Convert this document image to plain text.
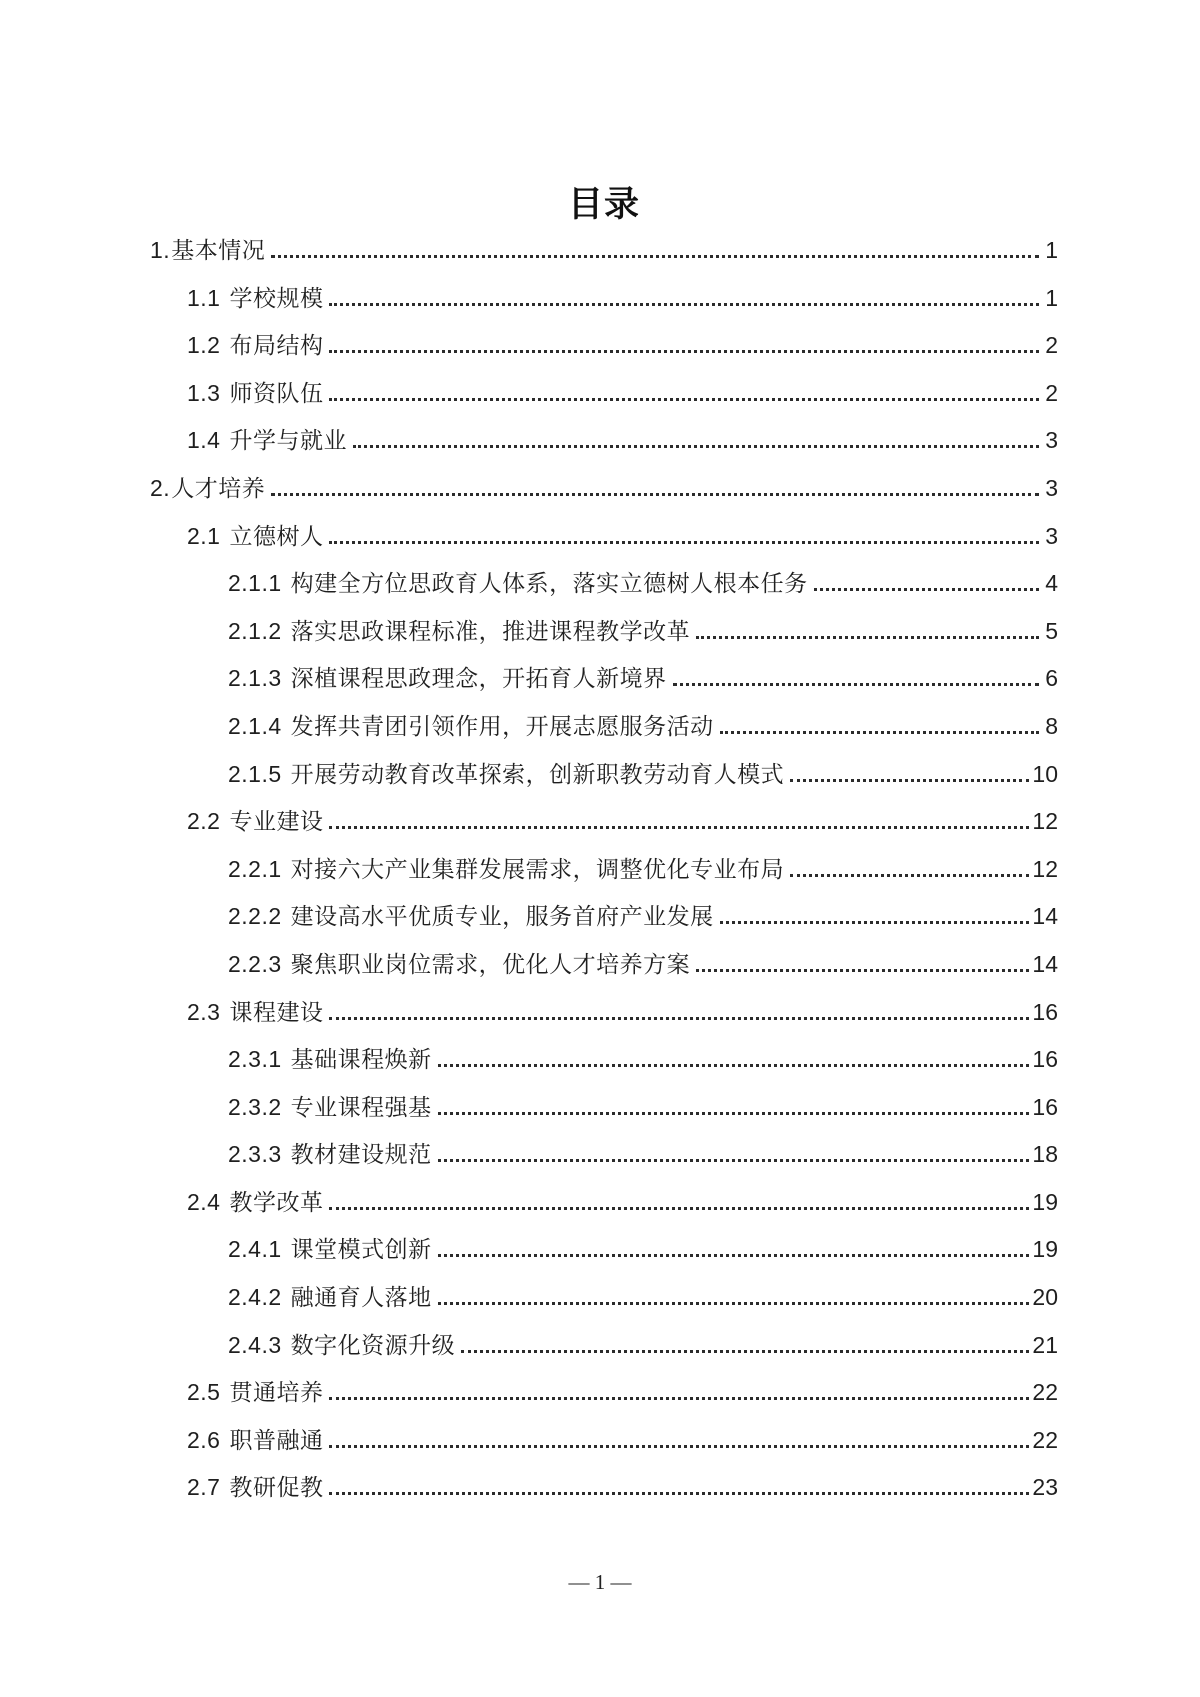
目录
1. 基本情况	1
1.1 学校规模	1
1.2 布局结构	2
1.3 师资队伍	2
1.4 升学与就业	3
2. 人才培养	3
2.1 立德树人	3
2.1.1 构建全方位思政育人体系，落实立德树人根本任务	4
2.1.2 落实思政课程标准，推进课程教学改革	5
2.1.3 深植课程思政理念，开拓育人新境界	6
2.1.4 发挥共青团引领作用，开展志愿服务活动	8
2.1.5 开展劳动教育改革探索，创新职教劳动育人模式	10
2.2 专业建设	12
2.2.1 对接六大产业集群发展需求，调整优化专业布局	12
2.2.2 建设高水平优质专业，服务首府产业发展	14
2.2.3 聚焦职业岗位需求，优化人才培养方案	14
2.3 课程建设	16
2.3.1 基础课程焕新	16
2.3.2 专业课程强基	16
2.3.3 教材建设规范	18
2.4 教学改革	19
2.4.1 课堂模式创新	19
2.4.2 融通育人落地	20
2.4.3 数字化资源升级	21
2.5 贯通培养	22
2.6 职普融通	22
2.7 教研促教	23
— 1 —
